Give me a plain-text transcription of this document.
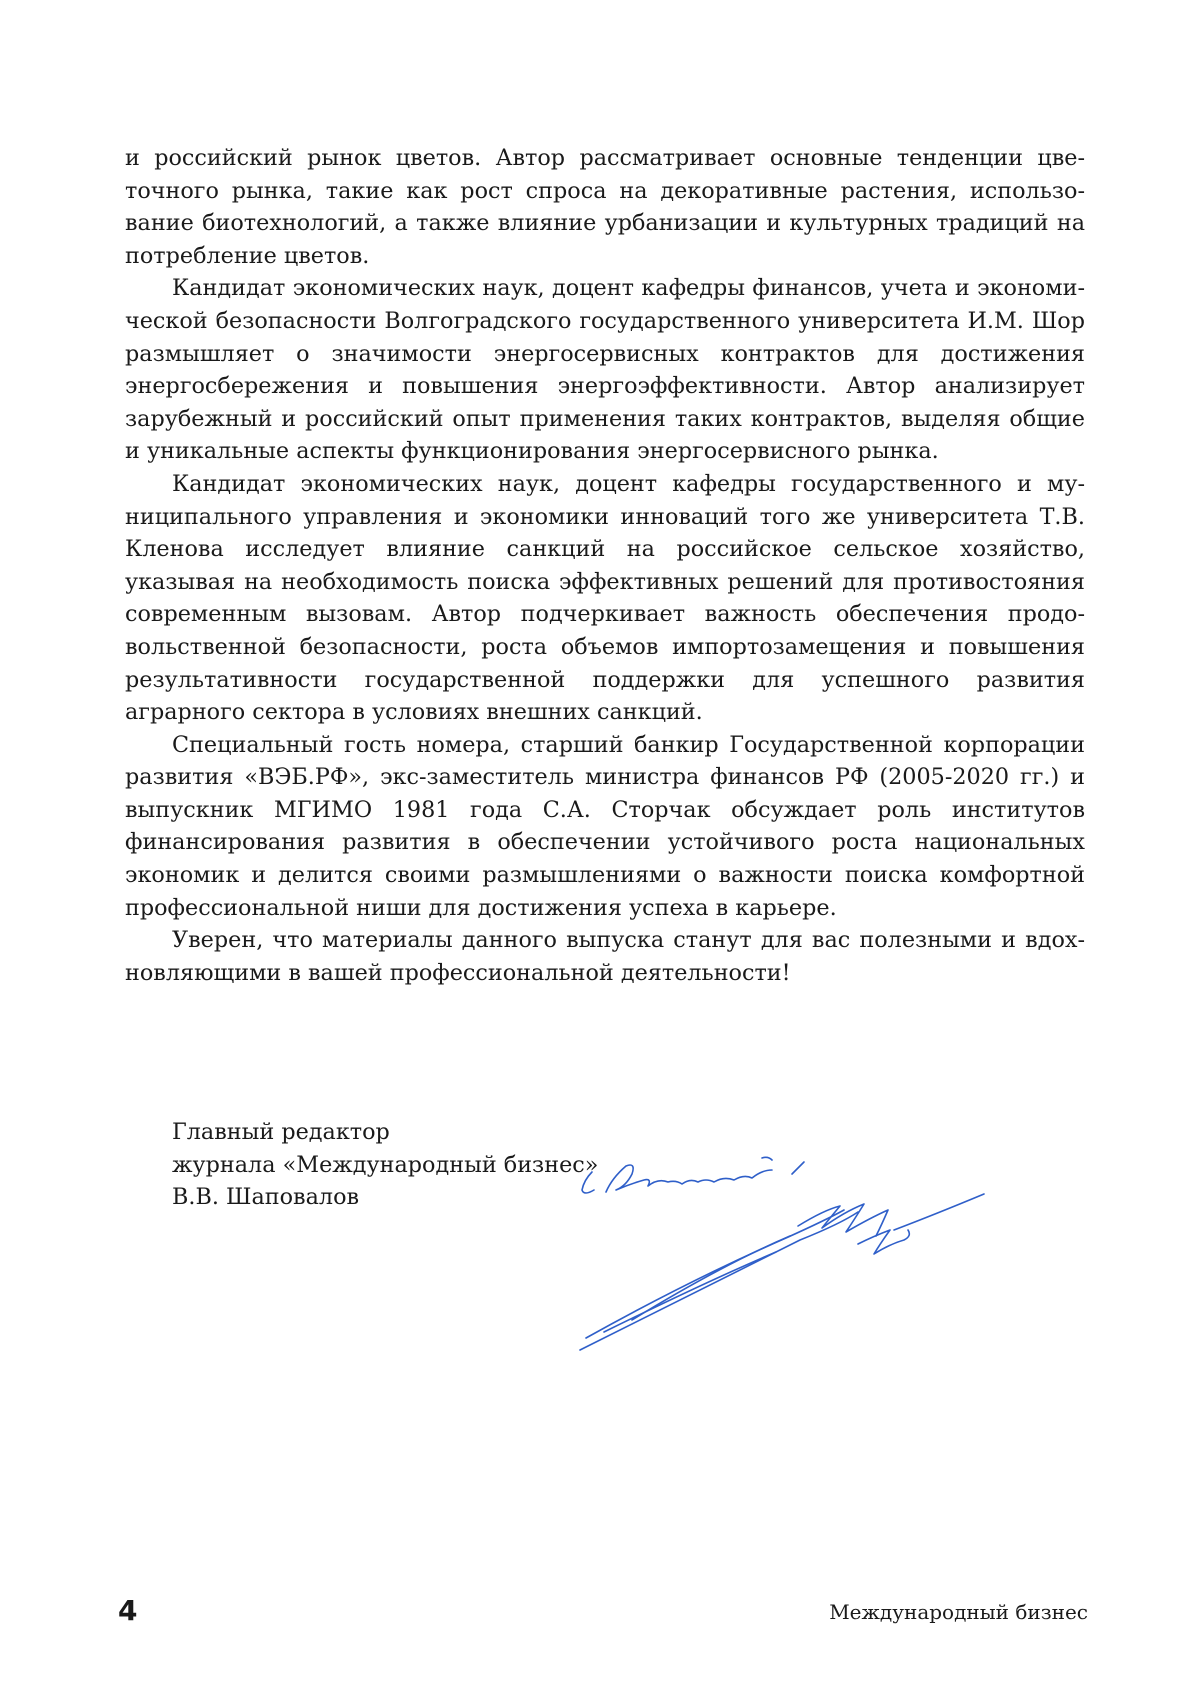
и российский рынок цветов. Автор рассматривает основные тенденции цветочного рынка, такие как рост спроса на декоративные растения, использование биотехнологий, а также влияние урбанизации и культурных традиций на потребление цветов.

Кандидат экономических наук, доцент кафедры финансов, учета и экономической безопасности Волгоградского государственного университета И.М. Шор размышляет о значимости энергосервисных контрактов для достижения энергосбережения и повышения энергоэффективности. Автор анализирует зарубежный и российский опыт применения таких контрактов, выделяя общие и уникальные аспекты функционирования энергосервисного рынка.

Кандидат экономических наук, доцент кафедры государственного и муниципального управления и экономики инноваций того же университета Т.В. Кленова исследует влияние санкций на российское сельское хозяйство, указывая на необходимость поиска эффективных решений для противостояния современным вызовам. Автор подчеркивает важность обеспечения продовольственной безопасности, роста объемов импортозамещения и повышения результативности государственной поддержки для успешного развития аграрного сектора в условиях внешних санкций.

Специальный гость номера, старший банкир Государственной корпорации развития «ВЭБ.РФ», экс-заместитель министра финансов РФ (2005-2020 гг.) и выпускник МГИМО 1981 года С.А. Сторчак обсуждает роль институтов финансирования развития в обеспечении устойчивого роста национальных экономик и делится своими размышлениями о важности поиска комфортной профессиональной ниши для достижения успеха в карьере.

Уверен, что материалы данного выпуска станут для вас полезными и вдохновляющими в вашей профессиональной деятельности!

Главный редактор
журнала «Международный бизнес»
В.В. Шаповалов
4	Международный бизнес
